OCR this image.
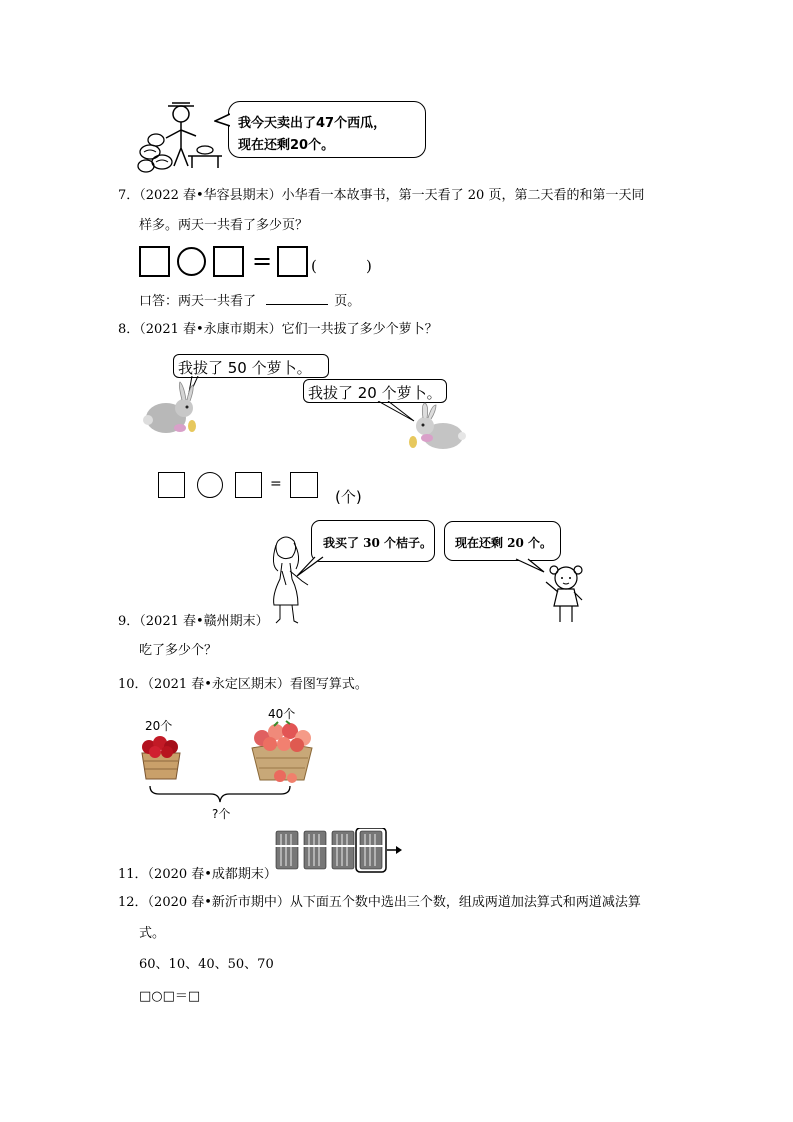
我今天卖出了47个西瓜，
现在还剩20个。
7．（2022 春•华容县期末）小华看一本故事书，第一天看了 20 页，第二天看的和第一天同
样多。两天一共看了多少页？
=	(	)
口答：两天一共看了	页。
8．（2021 春•永康市期末）它们一共拔了多少个萝卜？
我拔了 50 个萝卜。
我拔了 20 个萝卜。
=
(个)
我买了 30 个桔子。 现在还剩 20 个。
9．（2021 春•赣州期末）
吃了多少个？
10．（2021 春•永定区期末）看图写算式。
20个
40个
?个
11．（2020 春•成都期末）
12．（2020 春•新沂市期中）从下面五个数中选出三个数，组成两道加法算式和两道减法算
式。
60、10、40、50、70
□○□＝□
